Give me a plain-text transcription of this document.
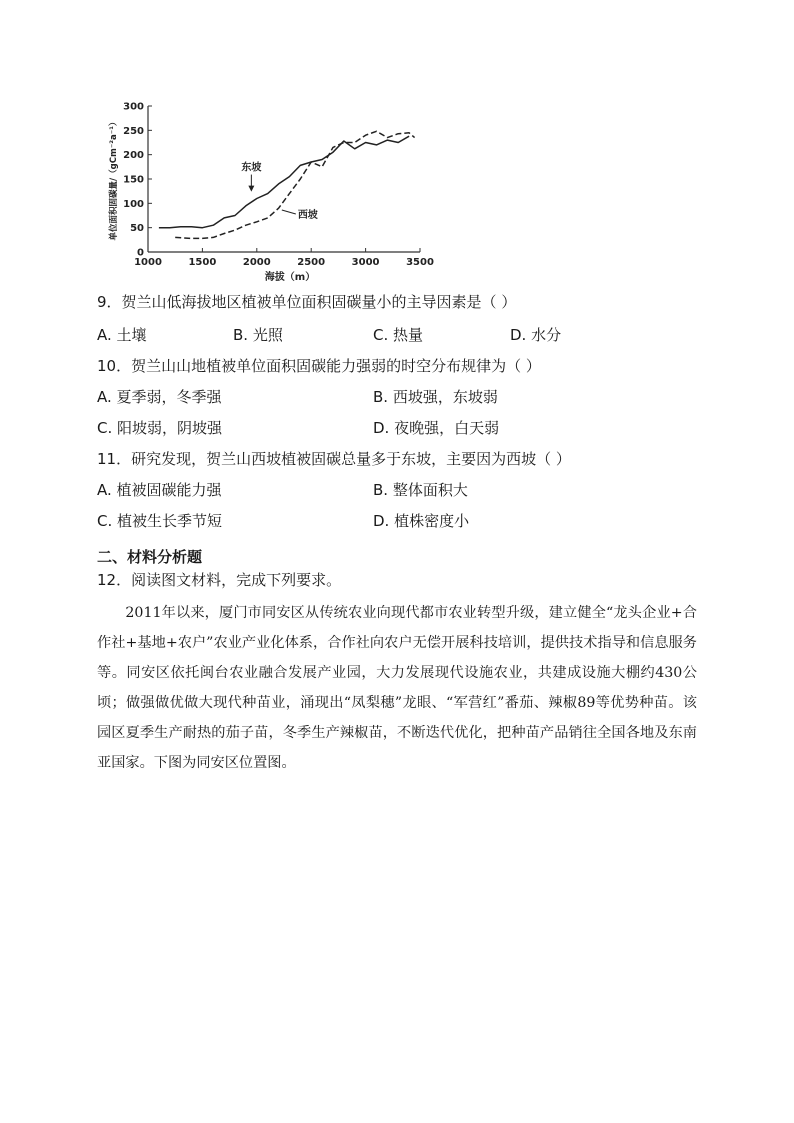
0
50
100
150
200
250
300
1000	1500	2000	2500	3000	3500
海拔（m）
单位面积固碳量/（gCm⁻²a⁻¹）	东坡
西坡
9．贺兰山低海拔地区植被单位面积固碳量小的主导因素是（ ）
A. 土壤	B. 光照	C. 热量	D. 水分
10．贺兰山山地植被单位面积固碳能力强弱的时空分布规律为（ ）
A. 夏季弱，冬季强	B. 西坡强，东坡弱
C. 阳坡弱，阴坡强	D. 夜晚强，白天弱
11．研究发现，贺兰山西坡植被固碳总量多于东坡，主要因为西坡（ ）
A. 植被固碳能力强	B. 整体面积大
C. 植被生长季节短	D. 植株密度小
二、材料分析题
12．阅读图文材料，完成下列要求。

2011年以来，厦门市同安区从传统农业向现代都市农业转型升级，建立健全“龙头企业+合作社+基地+农户”农业产业化体系，合作社向农户无偿开展科技培训，提供技术指导和信息服务等。同安区依托闽台农业融合发展产业园，大力发展现代设施农业，共建成设施大棚约430公顷；做强做优做大现代种苗业，涌现出“凤梨穗”龙眼、“军营红”番茄、辣椒89等优势种苗。该园区夏季生产耐热的茄子苗，冬季生产辣椒苗，不断迭代优化，把种苗产品销往全国各地及东南亚国家。下图为同安区位置图。
